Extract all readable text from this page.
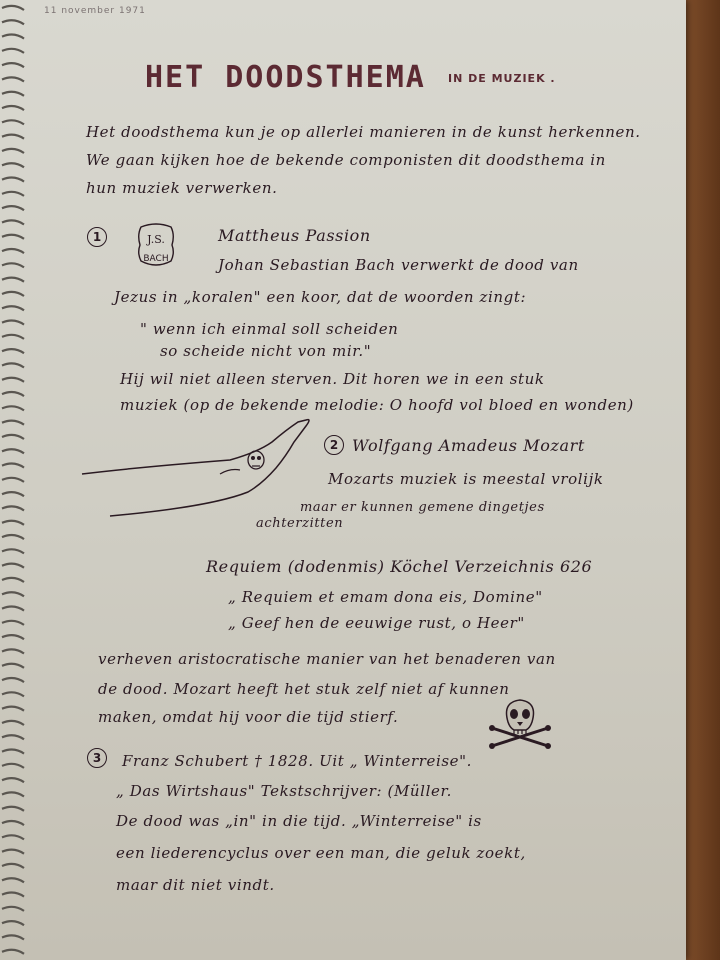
11 november 1971
HET DOODSTHEMA IN DE MUZIEK .
Het doodsthema kun je op allerlei manieren in de kunst herkennen.
We gaan kijken hoe de bekende componisten dit doodsthema in
hun muziek verwerken.
1	J.S.
BACH
Mattheus Passion
Johan Sebastian Bach verwerkt de dood van
Jezus in „koralen" een koor, dat de woorden zingt:
" wenn ich einmal soll scheiden
so scheide nicht von mir."
Hij wil niet alleen sterven. Dit horen we in een stuk
muziek (op de bekende melodie: O hoofd vol bloed en wonden)
2 Wolfgang Amadeus Mozart
Mozarts muziek is meestal vrolijk
maar er kunnen gemene dingetjes
achterzitten
Requiem (dodenmis) Köchel Verzeichnis 626
„ Requiem et emam dona eis, Domine"
„ Geef hen de eeuwige rust, o Heer"
verheven aristocratische manier van het benaderen van
de dood. Mozart heeft het stuk zelf niet af kunnen
maken, omdat hij voor die tijd stierf.
3	Franz Schubert † 1828. Uit „ Winterreise".
„ Das Wirtshaus" Tekstschrijver: (Müller.
De dood was „in" in die tijd. „Winterreise" is
een liederencyclus over een man, die geluk zoekt,
maar dit niet vindt.
